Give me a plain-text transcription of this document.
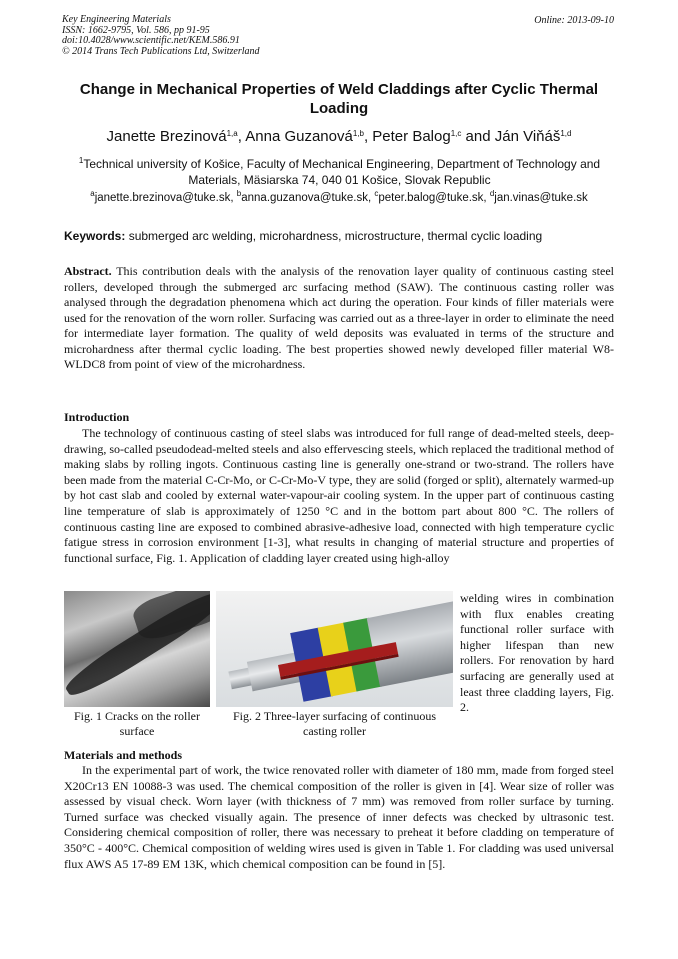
Key Engineering Materials
ISSN: 1662-9795, Vol. 586, pp 91-95
doi:10.4028/www.scientific.net/KEM.586.91
© 2014 Trans Tech Publications Ltd, Switzerland
Online: 2013-09-10
Change in Mechanical Properties of Weld Claddings after Cyclic Thermal Loading
Janette Brezinová$^{1,a}$, Anna Guzanová$^{1,b}$, Peter Balog$^{1,c}$ and Ján Viňáš$^{1,d}$
$^1$Technical university of Košice, Faculty of Mechanical Engineering, Department of Technology and Materials, Mäsiarska 74, 040 01 Košice, Slovak Republic
$^a$janette.brezinova@tuke.sk, $^b$anna.guzanova@tuke.sk, $^c$peter.balog@tuke.sk, $^d$jan.vinas@tuke.sk
Keywords: submerged arc welding, microhardness, microstructure, thermal cyclic loading
Abstract. This contribution deals with the analysis of the renovation layer quality of continuous casting steel rollers, developed through the submerged arc surfacing method (SAW). The continuous casting roller was analysed through the degradation phenomena which act during the operation. Four kinds of filler materials were used for the renovation of the worn roller. Surfacing was carried out as a three-layer in order to eliminate the need for intermediate layer formation. The quality of weld deposits was evaluated in terms of the structure and microhardness after thermal cyclic loading. The best properties showed newly developed filler material W8-WLDC8 from point of view of the microhardness.
Introduction
The technology of continuous casting of steel slabs was introduced for full range of dead-melted steels, deep-drawing, so-called pseudodead-melted steels and also effervescing steels, which replaced the traditional method of making slabs by rolling ingots. Continuous casting line is generally one-strand or two-strand. The rollers have been made from the material C-Cr-Mo, or C-Cr-Mo-V type, they are solid (forged or split), alternately warmed-up by hot cast slab and cooled by external water-vapour-air cooling system. In the upper part of continuous casting line temperature of slab is approximately of 1250 °C and in the bottom part about 800 °C. The rollers of continuous casting line are exposed to combined abrasive-adhesive load, connected with high temperature cyclic fatigue stress in corrosion environment [1-3], what results in changing of material structure and properties of functional surface, Fig. 1. Application of cladding layer created using high-alloy
Fig. 1 Cracks on the roller surface
Fig. 2 Three-layer surfacing of continuous casting roller
welding wires in combination with flux enables creating functional roller surface with higher lifespan than new rollers. For renovation by hard surfacing are generally used at least three cladding layers, Fig. 2.
Materials and methods
In the experimental part of work, the twice renovated roller with diameter of 180 mm, made from forged steel X20Cr13 EN 10088-3 was used. The chemical composition of the roller is given in [4]. Wear size of roller was assessed by visual check. Worn layer (with thickness of 7 mm) was removed from roller surface by turning. Turned surface was checked visually again. The presence of inner defects was checked by ultrasonic test. Considering chemical composition of roller, there was necessary to preheat it before cladding on temperature of 350°C - 400°C. Chemical composition of welding wires used is given in Table 1. For cladding was used universal flux AWS A5 17-89 EM 13K, which chemical composition can be found in [5].
